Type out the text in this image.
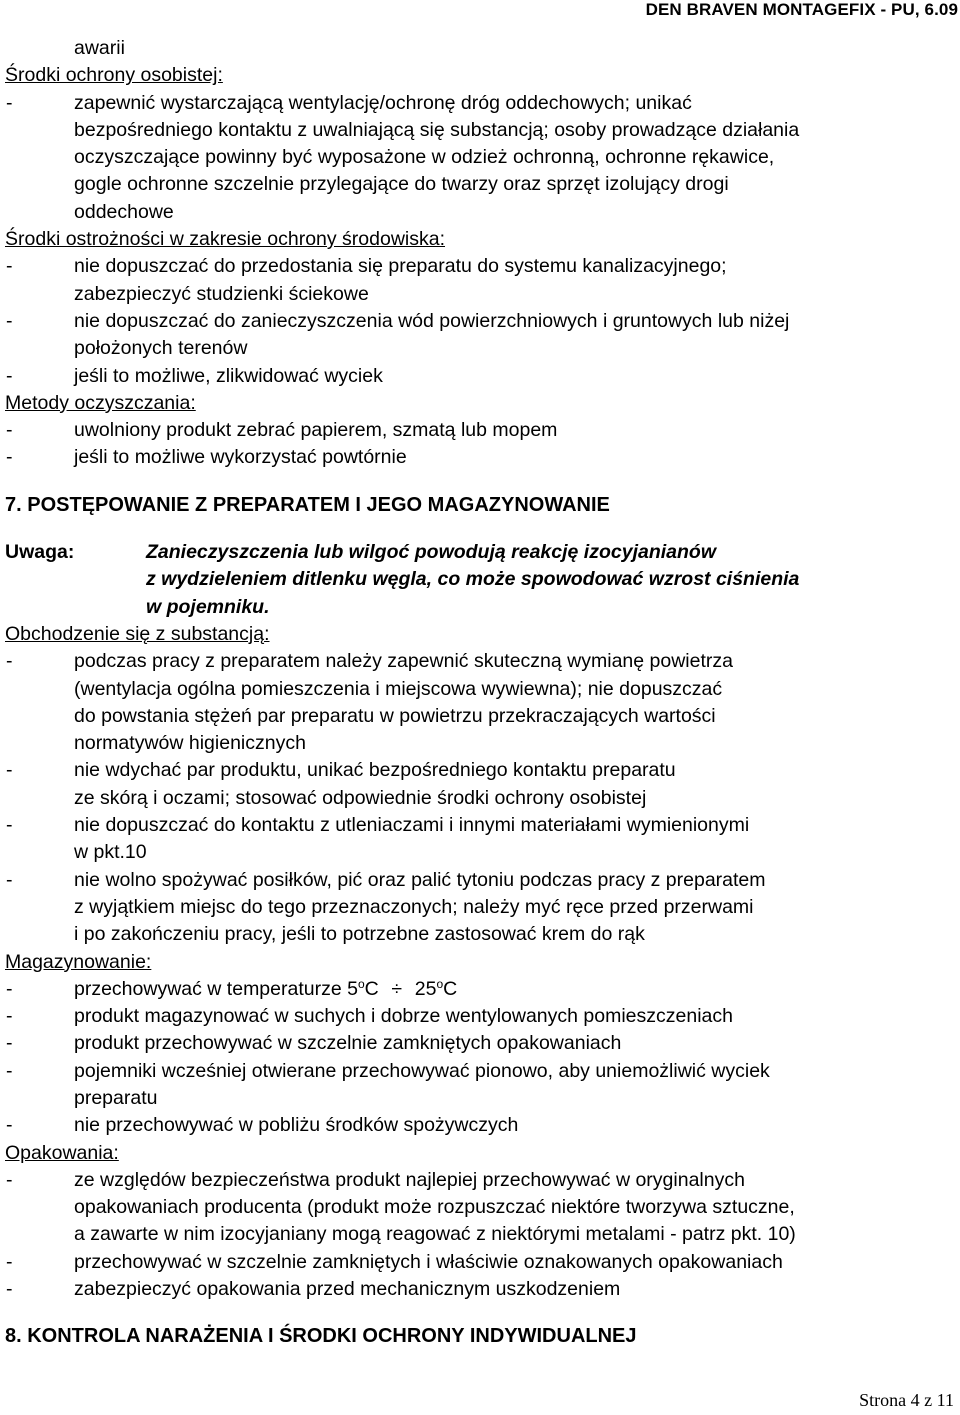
DEN BRAVEN MONTAGEFIX - PU, 6.09
awarii
Środki ochrony osobistej:
-	zapewnić wystarczającą wentylację/ochronę dróg oddechowych; unikać
bezpośredniego kontaktu z uwalniającą się substancją; osoby prowadzące działania
oczyszczające powinny być wyposażone w odzież ochronną, ochronne rękawice,
gogle ochronne szczelnie przylegające do twarzy oraz sprzęt izolujący drogi
oddechowe
Środki ostrożności w zakresie ochrony środowiska:
-	nie dopuszczać do przedostania się preparatu do systemu kanalizacyjnego;
zabezpieczyć studzienki ściekowe
-	nie dopuszczać do zanieczyszczenia wód powierzchniowych i gruntowych lub niżej
położonych terenów
-	jeśli to możliwe, zlikwidować wyciek
Metody oczyszczania:
-	uwolniony produkt zebrać papierem, szmatą lub mopem
-	jeśli to możliwe wykorzystać powtórnie
7. POSTĘPOWANIE Z PREPARATEM I JEGO MAGAZYNOWANIE
Uwaga:	Zanieczyszczenia lub wilgoć powodują reakcję izocyjanianów
z wydzieleniem ditlenku węgla, co może spowodować wzrost ciśnienia
w pojemniku.
Obchodzenie się z substancją:
-	podczas pracy z preparatem należy zapewnić skuteczną wymianę powietrza
(wentylacja ogólna pomieszczenia i miejscowa wywiewna); nie dopuszczać
do powstania stężeń par preparatu w powietrzu przekraczających wartości
normatywów higienicznych
-	nie wdychać par produktu, unikać bezpośredniego kontaktu preparatu
ze skórą i oczami; stosować odpowiednie środki ochrony osobistej
-	nie dopuszczać do kontaktu z utleniaczami i innymi materiałami wymienionymi
w pkt.10
-	nie wolno spożywać posiłków, pić oraz palić tytoniu podczas pracy z preparatem
z wyjątkiem miejsc do tego przeznaczonych; należy myć ręce przed przerwami
i po zakończeniu pracy, jeśli to potrzebne zastosować krem do rąk
Magazynowanie:
-	przechowywać w temperaturze $5^oC \div 25^oC$
-	produkt magazynować w suchych i dobrze wentylowanych pomieszczeniach
-	produkt przechowywać w szczelnie zamkniętych opakowaniach
-	pojemniki wcześniej otwierane przechowywać pionowo, aby uniemożliwić wyciek
preparatu
-	nie przechowywać w pobliżu środków spożywczych
Opakowania:
-	ze względów bezpieczeństwa produkt najlepiej przechowywać w oryginalnych
opakowaniach producenta (produkt może rozpuszczać niektóre tworzywa sztuczne,
a zawarte w nim izocyjaniany mogą reagować z niektórymi metalami - patrz pkt. 10)
-	przechowywać w szczelnie zamkniętych i właściwie oznakowanych opakowaniach
-	zabezpieczyć opakowania przed mechanicznym uszkodzeniem
8. KONTROLA NARAŻENIA I ŚRODKI OCHRONY INDYWIDUALNEJ
Strona 4 z 11
